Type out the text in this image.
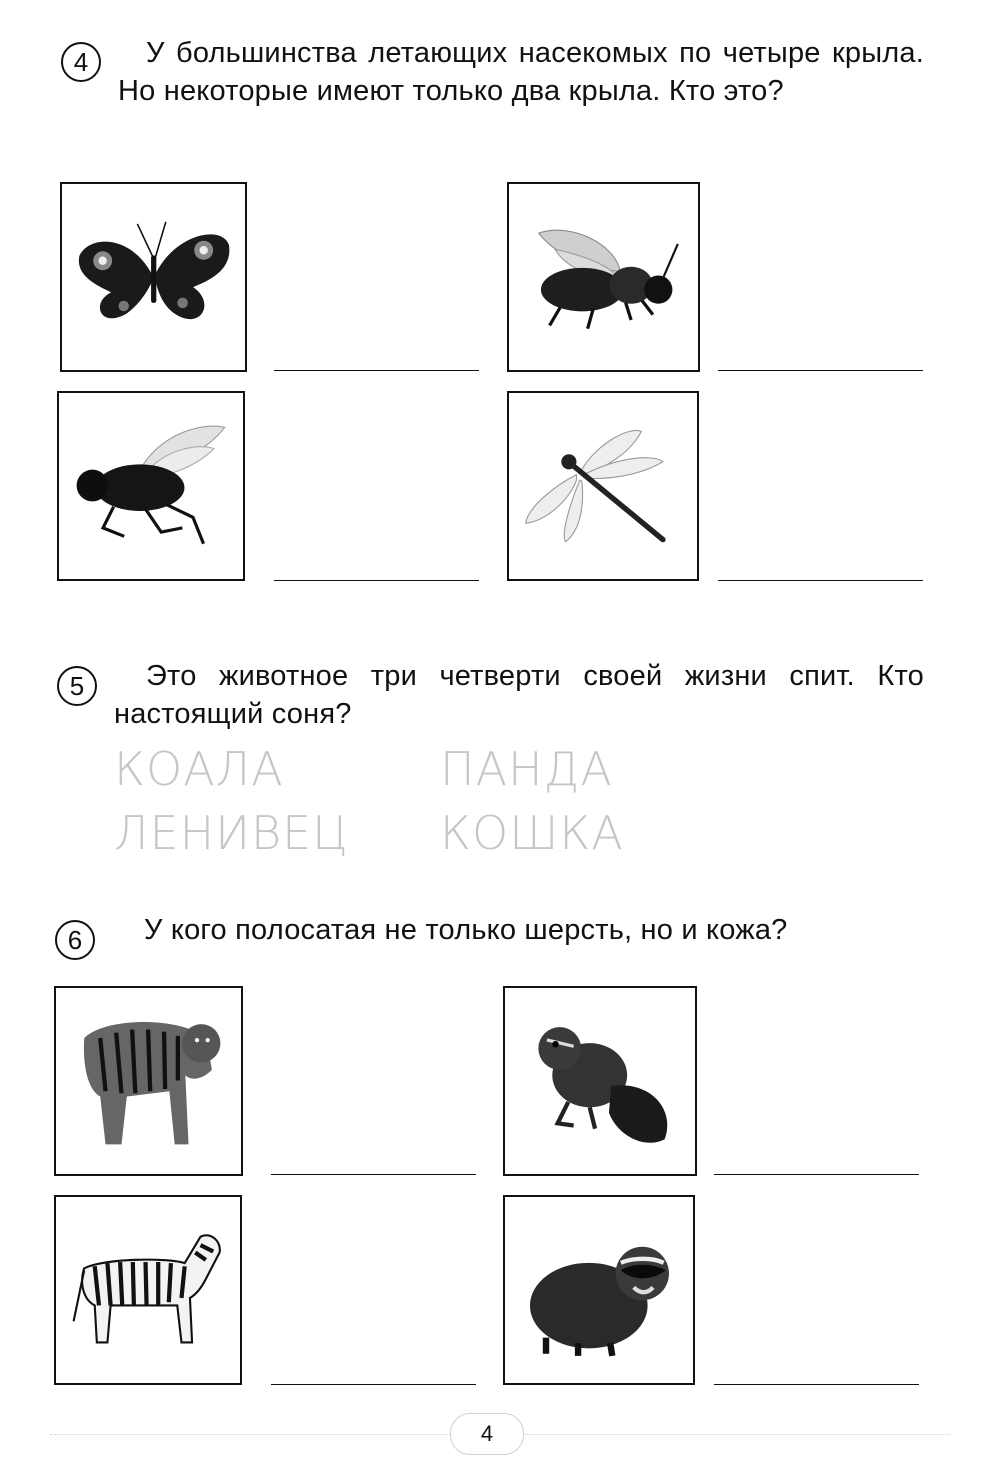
4	У большинства летающих насекомых по четыре крыла. Но некоторые имеют только два крыла. Кто это?
5	Это животное три четверти своей жизни спит. Кто настоящий соня?
КОАЛА	ПАНДА
ЛЕНИВЕЦ КОШКА
6	У кого полосатая не только шерсть, но и кожа?
4
